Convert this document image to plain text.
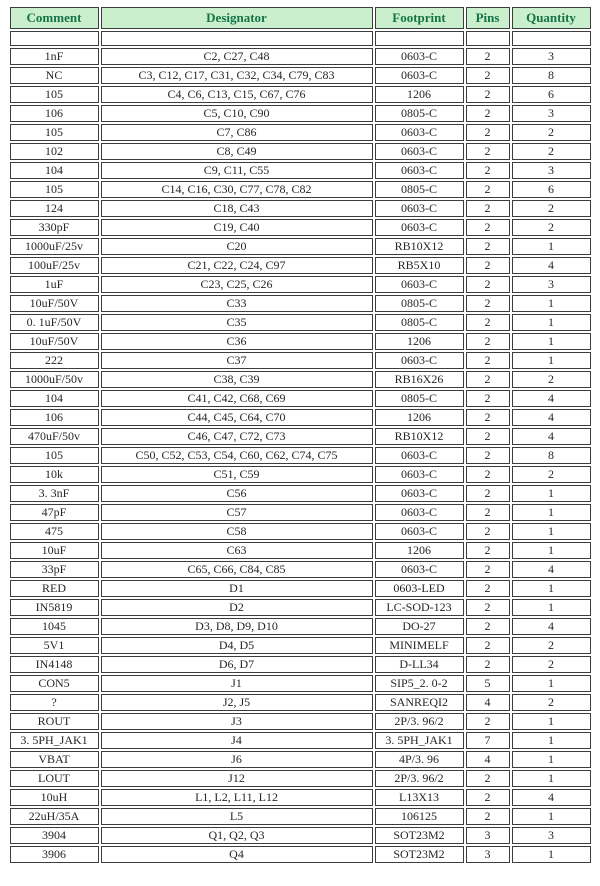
Comment	Designator	Footprint	Pins	Quantity

1nF	C2, C27, C48	0603-C	2	3
NC	C3, C12, C17, C31, C32, C34, C79, C83	0603-C	2	8
105	C4, C6, C13, C15, C67, C76	1206	2	6
106	C5, C10, C90	0805-C	2	3
105	C7, C86	0603-C	2	2
102	C8, C49	0603-C	2	2
104	C9, C11, C55	0603-C	2	3
105	C14, C16, C30, C77, C78, C82	0805-C	2	6
124	C18, C43	0603-C	2	2
330pF	C19, C40	0603-C	2	2
1000uF/25v	C20	RB10X12	2	1
100uF/25v	C21, C22, C24, C97	RB5X10	2	4
1uF	C23, C25, C26	0603-C	2	3
10uF/50V	C33	0805-C	2	1
0. 1uF/50V	C35	0805-C	2	1
10uF/50V	C36	1206	2	1
222	C37	0603-C	2	1
1000uF/50v	C38, C39	RB16X26	2	2
104	C41, C42, C68, C69	0805-C	2	4
106	C44, C45, C64, C70	1206	2	4
470uF/50v	C46, C47, C72, C73	RB10X12	2	4
105	C50, C52, C53, C54, C60, C62, C74, C75	0603-C	2	8
10k	C51, C59	0603-C	2	2
3. 3nF	C56	0603-C	2	1
47pF	C57	0603-C	2	1
475	C58	0603-C	2	1
10uF	C63	1206	2	1
33pF	C65, C66, C84, C85	0603-C	2	4
RED	D1	0603-LED	2	1
IN5819	D2	LC-SOD-123	2	1
1045	D3, D8, D9, D10	DO-27	2	4
5V1	D4, D5	MINIMELF	2	2
IN4148	D6, D7	D-LL34	2	2
CON5	J1	SIP5_2. 0-2	5	1
?	J2, J5	SANREQI2	4	2
ROUT	J3	2P/3. 96/2	2	1
3. 5PH_JAK1	J4	3. 5PH_JAK1	7	1
VBAT	J6	4P/3. 96	4	1
LOUT	J12	2P/3. 96/2	2	1
10uH	L1, L2, L11, L12	L13X13	2	4
22uH/35A	L5	106125	2	1
3904	Q1, Q2, Q3	SOT23M2	3	3
3906	Q4	SOT23M2	3	1
